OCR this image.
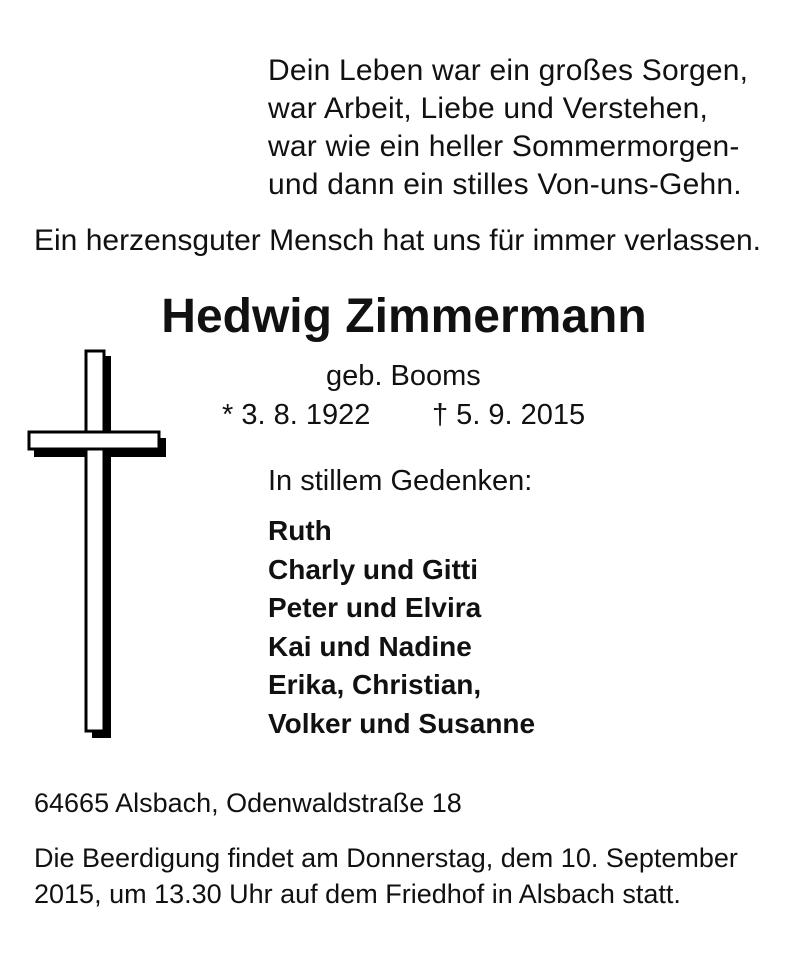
Dein Leben war ein großes Sorgen,
war Arbeit, Liebe und Verstehen,
war wie ein heller Sommermorgen-
und dann ein stilles Von-uns-Gehn.
Ein herzensguter Mensch hat uns für immer verlassen.
Hedwig Zimmermann
geb. Booms
* 3. 8. 1922 † 5. 9. 2015
In stillem Gedenken:
Ruth
Charly und Gitti
Peter und Elvira
Kai und Nadine
Erika, Christian,
Volker und Susanne
64665 Alsbach, Odenwaldstraße 18
Die Beerdigung findet am Donnerstag, dem 10. September
2015, um 13.30 Uhr auf dem Friedhof in Alsbach statt.
